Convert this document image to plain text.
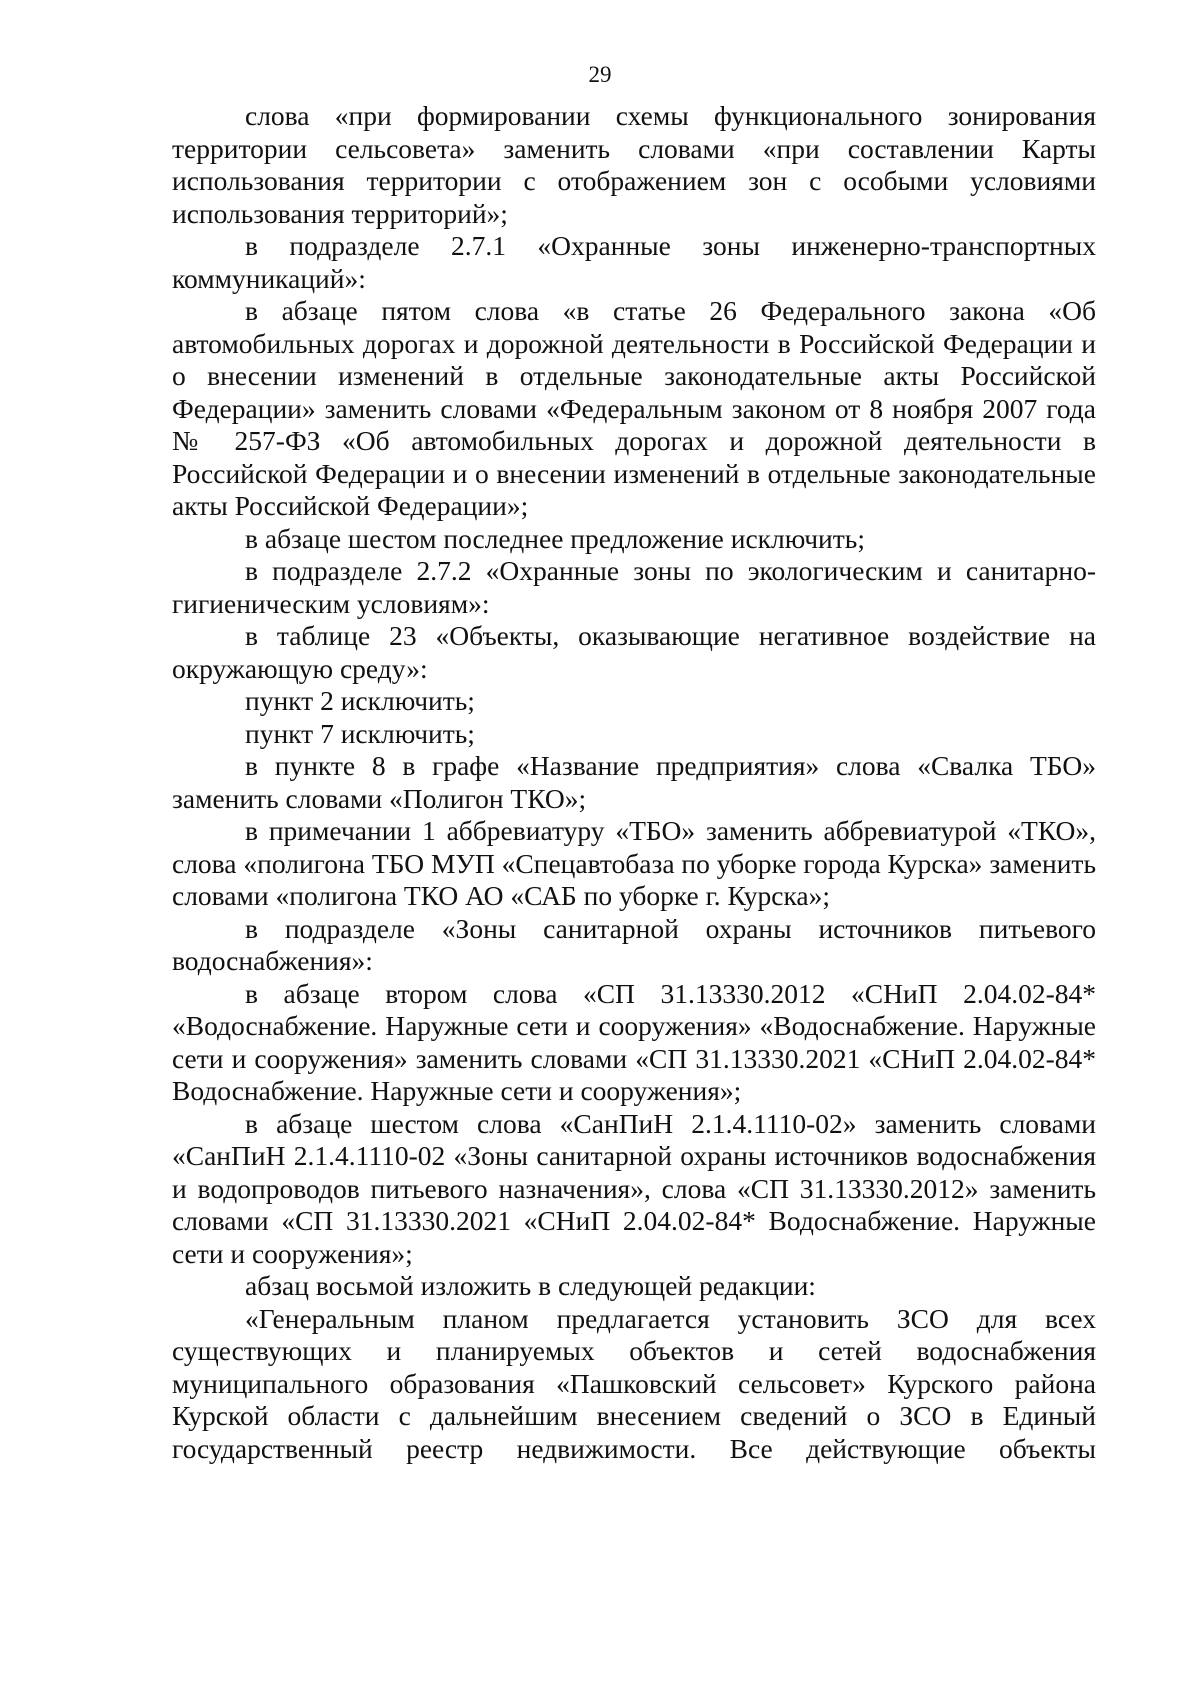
29

слова «при формировании схемы функционального зонирования территории сельсовета» заменить словами «при составлении Карты использования территории с отображением зон с особыми условиями использования территорий»;

в подразделе 2.7.1 «Охранные зоны инженерно-транспортных коммуникаций»:

в абзаце пятом слова «в статье 26 Федерального закона «Об автомобильных дорогах и дорожной деятельности в Российской Федерации и о внесении изменений в отдельные законодательные акты Российской Федерации» заменить словами «Федеральным законом от 8 ноября 2007 года № 257-ФЗ «Об автомобильных дорогах и дорожной деятельности в Российской Федерации и о внесении изменений в отдельные законодательные акты Российской Федерации»;

в абзаце шестом последнее предложение исключить;

в подразделе 2.7.2 «Охранные зоны по экологическим и санитарно-гигиеническим условиям»:

в таблице 23 «Объекты, оказывающие негативное воздействие на окружающую среду»:

пункт 2 исключить;

пункт 7 исключить;

в пункте 8 в графе «Название предприятия» слова «Свалка ТБО» заменить словами «Полигон ТКО»;

в примечании 1 аббревиатуру «ТБО» заменить аббревиатурой «ТКО», слова «полигона ТБО МУП «Спецавтобаза по уборке города Курска» заменить словами «полигона ТКО АО «САБ по уборке г. Курска»;

в подразделе «Зоны санитарной охраны источников питьевого водоснабжения»:

в абзаце втором слова «СП 31.13330.2012 «СНиП 2.04.02-84* «Водоснабжение. Наружные сети и сооружения» «Водоснабжение. Наружные сети и сооружения» заменить словами «СП 31.13330.2021 «СНиП 2.04.02-84* Водоснабжение. Наружные сети и сооружения»;

в абзаце шестом слова «СанПиН 2.1.4.1110-02» заменить словами «СанПиН 2.1.4.1110-02 «Зоны санитарной охраны источников водоснабжения и водопроводов питьевого назначения», слова «СП 31.13330.2012» заменить словами «СП 31.13330.2021 «СНиП 2.04.02-84* Водоснабжение. Наружные сети и сооружения»;

абзац восьмой изложить в следующей редакции:

«Генеральным планом предлагается установить ЗСО для всех существующих и планируемых объектов и сетей водоснабжения муниципального образования «Пашковский сельсовет» Курского района Курской области с дальнейшим внесением сведений о ЗСО в Единый государственный реестр недвижимости. Все действующие объекты
